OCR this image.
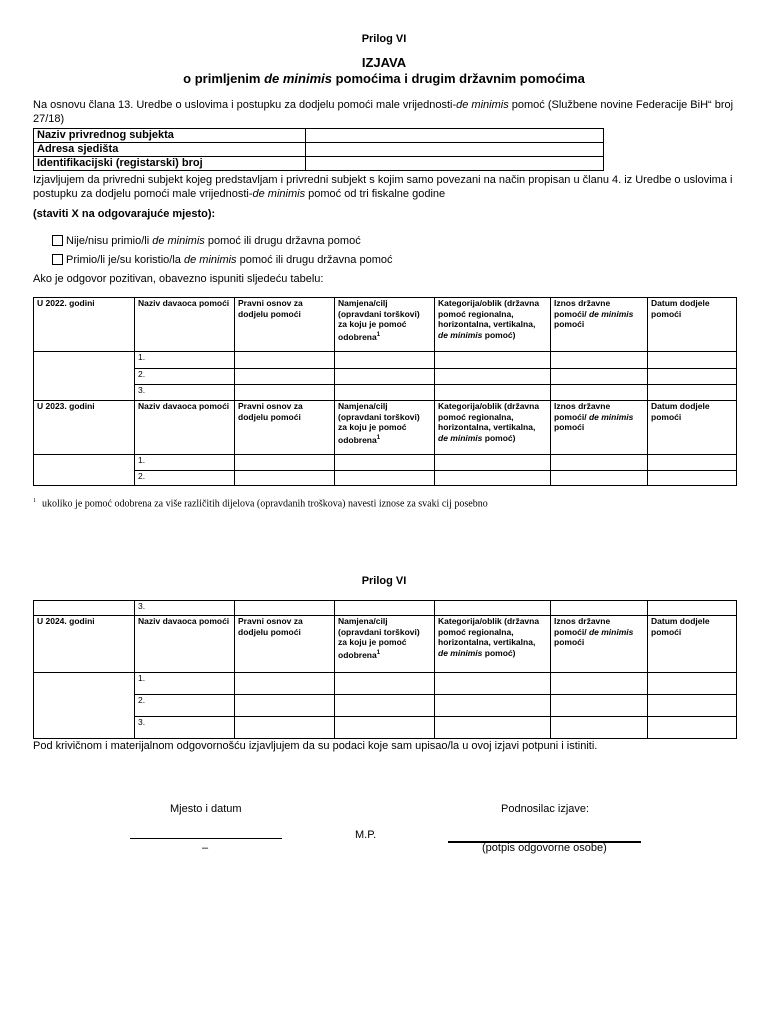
Prilog VI
IZJAVA
o primljenim de minimis pomoćima i drugim državnim pomoćima
Na osnovu člana 13. Uredbe o uslovima i postupku za dodjelu pomoći male vrijednosti-de minimis pomoć (Službene novine Federacije BiH“ broj 27/18)
Naziv privrednog subjekta	
Adresa sjedišta	
Identifikacijski (registarski) broj	
Izjavljujem da privredni subjekt kojeg predstavljam i privredni subjekt s kojim samo povezani na način propisan u članu 4. iz Uredbe o uslovima i postupku za dodjelu pomoći male vrijednosti-de minimis pomoć od tri fiskalne godine
(staviti X na odgovarajuće mjesto):
Nije/nisu primio/li de minimis pomoć ili drugu državna pomoć
Primio/li je/su koristio/la de minimis pomoć ili drugu državna pomoć
Ako je odgovor pozitivan, obavezno ispuniti sljedeću tabelu:
U 2022. godini	Naziv davaoca pomoći	Pravni osnov za dodjelu pomoći	Namjena/cilj (opravdani torškovi) za koju je pomoć odobrena$^1$	Kategorija/oblik (državna pomoć regionalna, horizontalna, vertikalna, de minimis pomoć)	Iznos državne pomoći/ de minimis pomoći	Datum dodjele pomoći
	1.					
	2.					
	3.					
U 2023. godini	Naziv davaoca pomoći	Pravni osnov za dodjelu pomoći	Namjena/cilj (opravdani torškovi) za koju je pomoć odobrena$^1$	Kategorija/oblik (državna pomoć regionalna, horizontalna, vertikalna, de minimis pomoć)	Iznos državne pomoći/ de minimis pomoći	Datum dodjele pomoći
	1.					
	2.					
$^1$ ukoliko je pomoć odobrena za više različitih dijelova (opravdanih troškova) navesti iznose za svaki cij posebno
Prilog VI
	3.					
U 2024. godini	Naziv davaoca pomoći	Pravni osnov za dodjelu pomoći	Namjena/cilj (opravdani torškovi) za koju je pomoć odobrena$^1$	Kategorija/oblik (državna pomoć regionalna, horizontalna, vertikalna, de minimis pomoć)	Iznos državne pomoći/ de minimis pomoći	Datum dodjele pomoći
	1.					
	2.					
	3.					
Pod krivičnom i materijalnom odgovornošću izjavljujem da su podaci koje sam upisao/la u ovoj izjavi potpuni i istiniti.
Mjesto i datum
–
M.P.
Podnosilac izjave:
(potpis odgovorne osobe)
